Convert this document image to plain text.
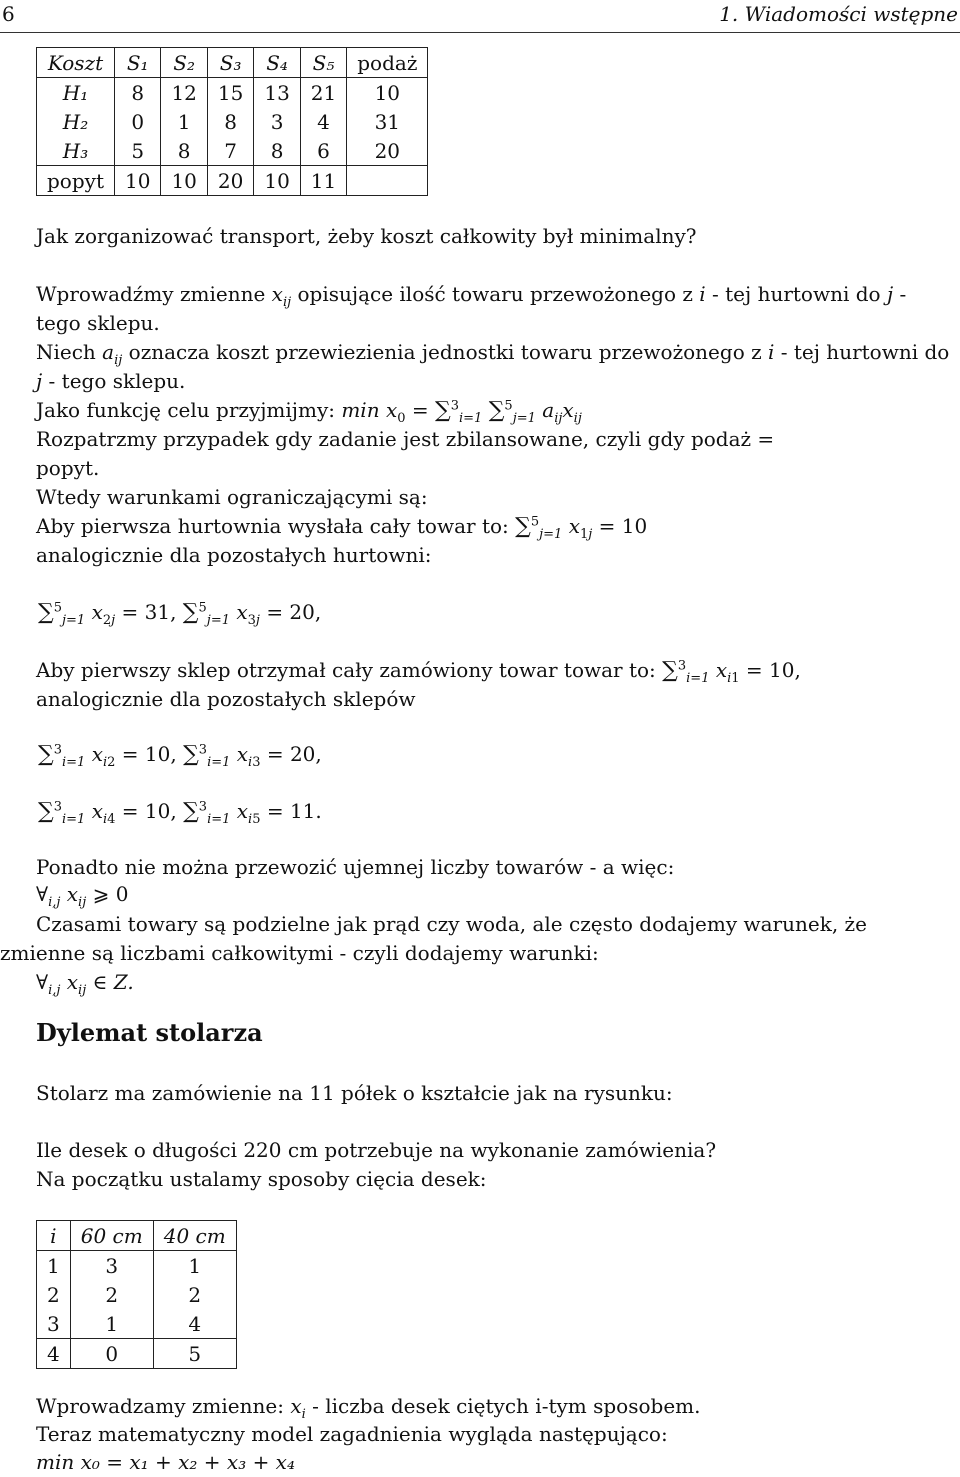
6	1. Wiadomości wstępne
Koszt	S₁	S₂	S₃	S₄	S₅	podaż
H₁	8	12	15	13	21	10
H₂	0	1	8	3	4	31
H₃	5	8	7	8	6	20
popyt	10	10	20	10	11	
Jak zorganizować transport, żeby koszt całkowity był minimalny?
Wprowadźmy zmienne $x_{ij}$ opisujące ilość towaru przewożonego z i - tej hurtowni do j - tego sklepu.
Niech $a_{ij}$ oznacza koszt przewiezienia jednostki towaru przewożonego z i - tej hurtowni do j - tego sklepu.
Jako funkcję celu przyjmijmy: $\min x_0 = \sum^3_{i=1}$ ∑$^5_{j=1}$ $a_{ij}x_{ij}$
Rozpatrzmy przypadek gdy zadanie jest zbilansowane, czyli gdy podaż = popyt.
Wtedy warunkami ograniczającymi są:
Aby pierwsza hurtownia wysłała cały towar to: ∑$^5_{j=1}$ $x_{1j} = 10$
analogicznie dla pozostałych hurtowni:
∑$^5_{j=1}$ $x_{2j} = 31$, ∑$^5_{j=1}$ $x_{3j} = 20$,
Aby pierwszy sklep otrzymał cały zamówiony towar towar to: ∑$^3_{i=1}$ $x_{i1} = 10$,
analogicznie dla pozostałych sklepów
∑$^3_{i=1}$ $x_{i2} = 10$, ∑$^3_{i=1}$ $x_{i3} = 20$,
∑$^3_{i=1}$ $x_{i4} = 10$, ∑$^3_{i=1}$ $x_{i5} = 11$.
Ponadto nie można przewozić ujemnej liczby towarów - a więc:
$\forall_{i,j}$ $x_{ij}$ ⩾ 0
Czasami towary są podzielne jak prąd czy woda, ale często dodajemy warunek, że zmienne są liczbami całkowitymi - czyli dodajemy warunki:
$\forall_{i,j}$ $x_{ij}$ ∈ Z.
Dylemat stolarza
Stolarz ma zamówienie na 11 półek o kształcie jak na rysunku:
Ile desek o długości 220 cm potrzebuje na wykonanie zamówienia?
Na początku ustalamy sposoby cięcia desek:
i	60 cm	40 cm
1	3	1
2	2	2
3	1	4
4	0	5
Wprowadzamy zmienne: $x_i$ - liczba desek ciętych i-tym sposobem.
Teraz matematyczny model zagadnienia wygląda następująco:
min x₀ = x₁ + x₂ + x₃ + x₄
